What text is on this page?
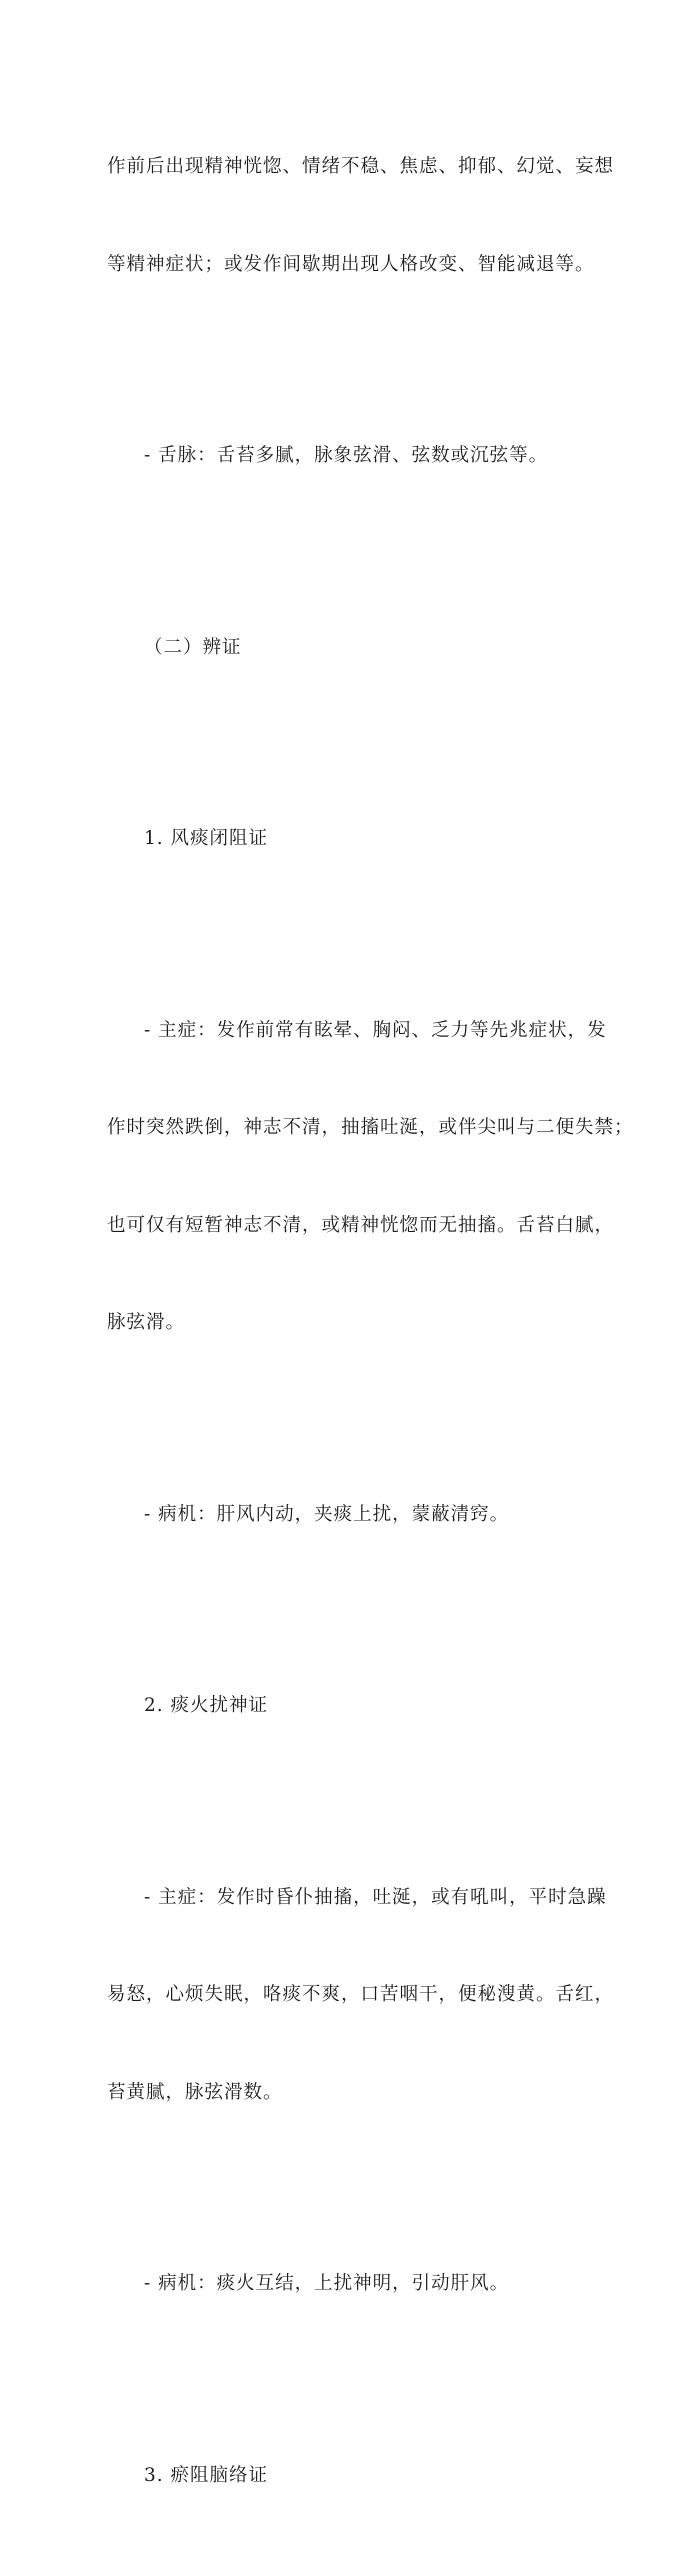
作前后出现精神恍惚、情绪不稳、焦虑、抑郁、幻觉、妄想

等精神症状；或发作间歇期出现人格改变、智能减退等。

- 舌脉：舌苔多腻，脉象弦滑、弦数或沉弦等。

（二）辨证

1. 风痰闭阻证

- 主症：发作前常有眩晕、胸闷、乏力等先兆症状，发

作时突然跌倒，神志不清，抽搐吐涎，或伴尖叫与二便失禁；

也可仅有短暂神志不清，或精神恍惚而无抽搐。舌苔白腻，

脉弦滑。

- 病机：肝风内动，夹痰上扰，蒙蔽清窍。

2. 痰火扰神证

- 主症：发作时昏仆抽搐，吐涎，或有吼叫，平时急躁

易怒，心烦失眠，咯痰不爽，口苦咽干，便秘溲黄。舌红，

苔黄腻，脉弦滑数。

- 病机：痰火互结，上扰神明，引动肝风。

3. 瘀阻脑络证
